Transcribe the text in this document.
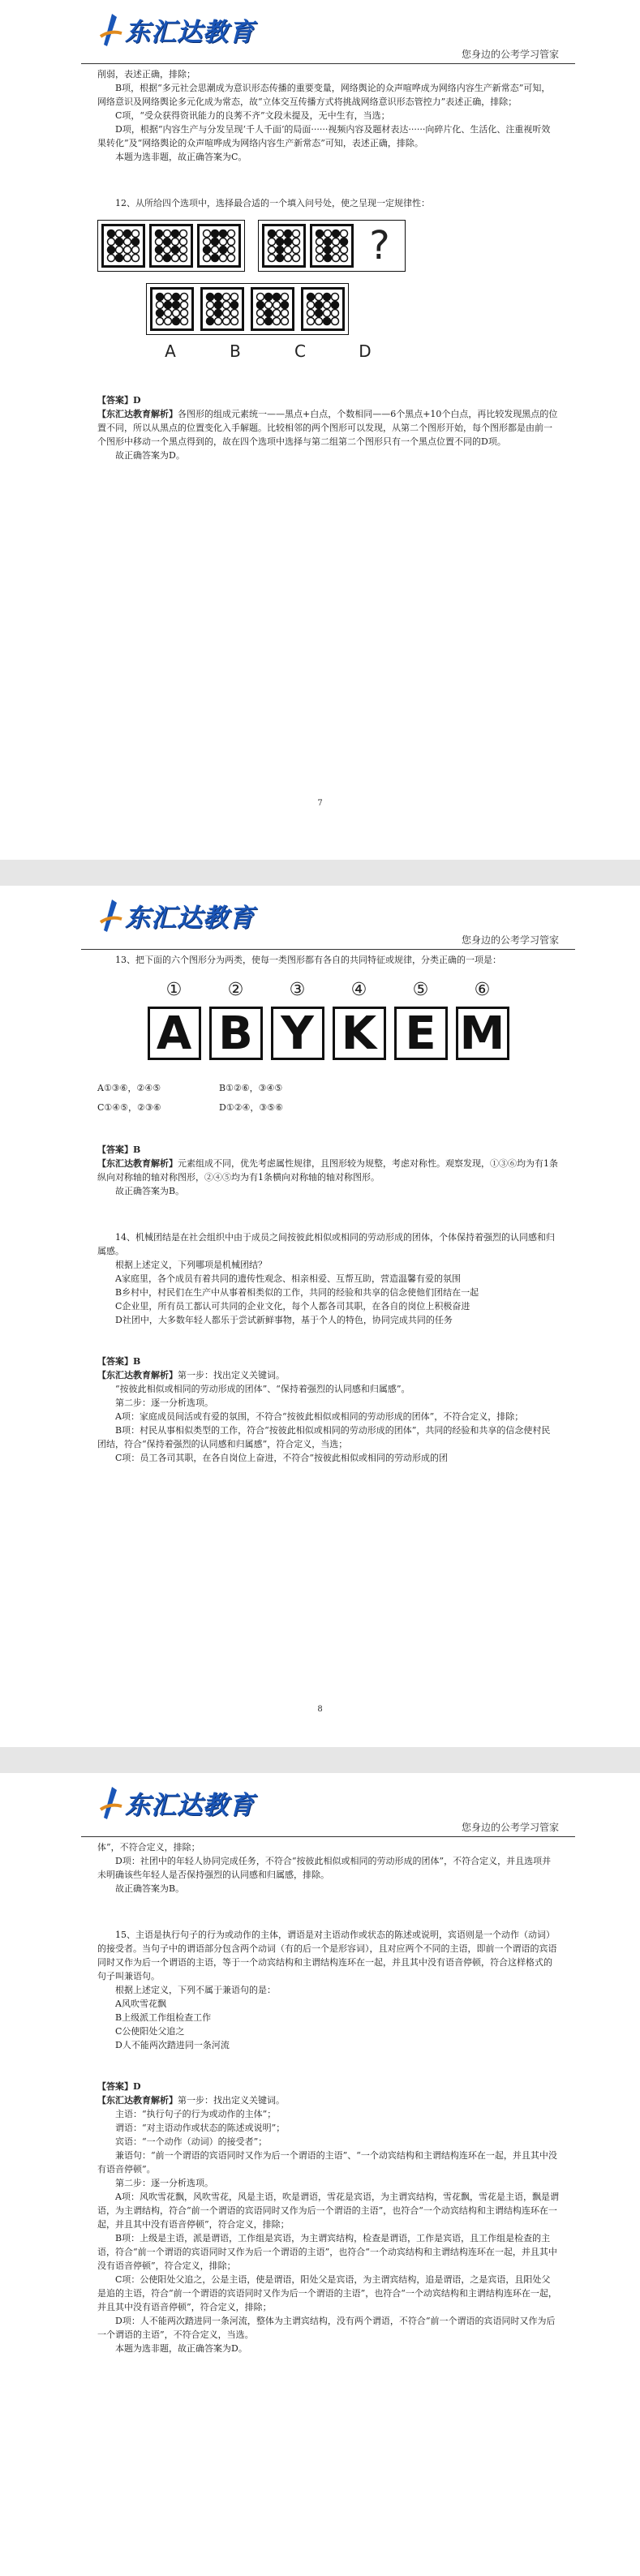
东汇达教育
您身边的公考学习管家

削弱，表述正确，排除；

B项，根据“多元社会思潮成为意识形态传播的重要变量，网络舆论的众声喧哗成为网络内容生产新常态”可知，网络意识及网络舆论多元化成为常态，故“立体交互传播方式将挑战网络意识形态管控力”表述正确，排除；

C项，“受众获得资讯能力的良莠不齐”文段未提及，无中生有，当选；

D项，根据“内容生产与分发呈现‘千人千面’的局面······视频内容及题材表达······向碎片化、生活化、注重视听效果转化”及“网络舆论的众声喧哗成为网络内容生产新常态”可知，表述正确，排除。

本题为选非题，故正确答案为C。

12、从所给四个选项中，选择最合适的一个填入问号处，使之呈现一定规律性：

?
A	B	C	D

【答案】D

【东汇达教育解析】各图形的组成元素统一——黑点+白点，个数相同——6个黑点+10个白点，再比较发现黑点的位置不同，所以从黑点的位置变化入手解题。比较相邻的两个图形可以发现，从第二个图形开始，每个图形都是由前一个图形中移动一个黑点得到的，故在四个选项中选择与第二组第二个图形只有一个黑点位置不同的D项。

故正确答案为D。

7
东汇达教育
您身边的公考学习管家

13、把下面的六个图形分为两类，使每一类图形都有各自的共同特征或规律，分类正确的一项是：

①
A
②
B
③
Y
④
K
⑤
E
⑥
M
A①③⑥，②④⑤	B①②⑥，③④⑤
C①④⑤，②③⑥	D①②④，③⑤⑥

【答案】B

【东汇达教育解析】元素组成不同，优先考虑属性规律，且图形较为规整，考虑对称性。观察发现，①③⑥均为有1条纵向对称轴的轴对称图形，②④⑤均为有1条横向对称轴的轴对称图形。

故正确答案为B。

14、机械团结是在社会组织中由于成员之间按彼此相似或相同的劳动形成的团体，个体保持着强烈的认同感和归属感。

根据上述定义，下列哪项是机械团结？

A家庭里，各个成员有着共同的遗传性观念、相亲相爱、互帮互助，营造温馨有爱的氛围

B乡村中，村民们在生产中从事着相类似的工作，共同的经验和共享的信念使他们团结在一起

C企业里，所有员工都认可共同的企业文化，每个人都各司其职，在各自的岗位上积极奋进

D社团中，大多数年轻人都乐于尝试新鲜事物，基于个人的特色，协同完成共同的任务

【答案】B

【东汇达教育解析】第一步：找出定义关键词。

“按彼此相似或相同的劳动形成的团体”、“保持着强烈的认同感和归属感”。

第二步：逐一分析选项。

A项：家庭成员间活或有爱的氛围，不符合“按彼此相似或相同的劳动形成的团体”，不符合定义，排除；

B项：村民从事相似类型的工作，符合“按彼此相似或相同的劳动形成的团体”，共同的经验和共享的信念使村民团结，符合“保持着强烈的认同感和归属感”，符合定义，当选；

C项：员工各司其职，在各自岗位上奋进，不符合“按彼此相似或相同的劳动形成的团

8
东汇达教育
您身边的公考学习管家

体”，不符合定义，排除；

D项：社团中的年轻人协同完成任务，不符合“按彼此相似或相同的劳动形成的团体”，不符合定义，并且选项并未明确该些年轻人是否保持强烈的认同感和归属感，排除。

故正确答案为B。

15、主语是执行句子的行为或动作的主体，谓语是对主语动作或状态的陈述或说明，宾语则是一个动作（动词）的接受者。当句子中的谓语部分包含两个动词（有的后一个是形容词），且对应两个不同的主语，即前一个谓语的宾语同时又作为后一个谓语的主语，等于一个动宾结构和主谓结构连环在一起，并且其中没有语音停顿，符合这样格式的句子叫兼语句。

根据上述定义，下列不属于兼语句的是：

A风吹雪花飘

B上级派工作组检查工作

C公使阳处父追之

D人不能两次踏进同一条河流

【答案】D

【东汇达教育解析】第一步：找出定义关键词。

主语：“执行句子的行为或动作的主体”；

谓语：“对主语动作或状态的陈述或说明”；

宾语：“一个动作（动词）的接受者”；

兼语句：“前一个谓语的宾语同时又作为后一个谓语的主语”、“一个动宾结构和主谓结构连环在一起，并且其中没有语音停顿”。

第二步：逐一分析选项。

A项：风吹雪花飘，风吹雪花，风是主语，吹是谓语，雪花是宾语，为主谓宾结构，雪花飘，雪花是主语，飘是谓语，为主谓结构，符合“前一个谓语的宾语同时又作为后一个谓语的主语”，也符合“一个动宾结构和主谓结构连环在一起，并且其中没有语音停顿”，符合定义，排除；

B项：上级是主语，派是谓语，工作组是宾语，为主谓宾结构，检查是谓语，工作是宾语，且工作组是检查的主语，符合“前一个谓语的宾语同时又作为后一个谓语的主语”，也符合“一个动宾结构和主谓结构连环在一起，并且其中没有语音停顿”，符合定义，排除；

C项：公使阳处父追之，公是主语，使是谓语，阳处父是宾语，为主谓宾结构，追是谓语，之是宾语，且阳处父是追的主语，符合“前一个谓语的宾语同时又作为后一个谓语的主语”，也符合“一个动宾结构和主谓结构连环在一起，并且其中没有语音停顿”，符合定义，排除；

D项：人不能两次踏进同一条河流，整体为主谓宾结构，没有两个谓语，不符合“前一个谓语的宾语同时又作为后一个谓语的主语”，不符合定义，当选。

本题为选非题，故正确答案为D。
